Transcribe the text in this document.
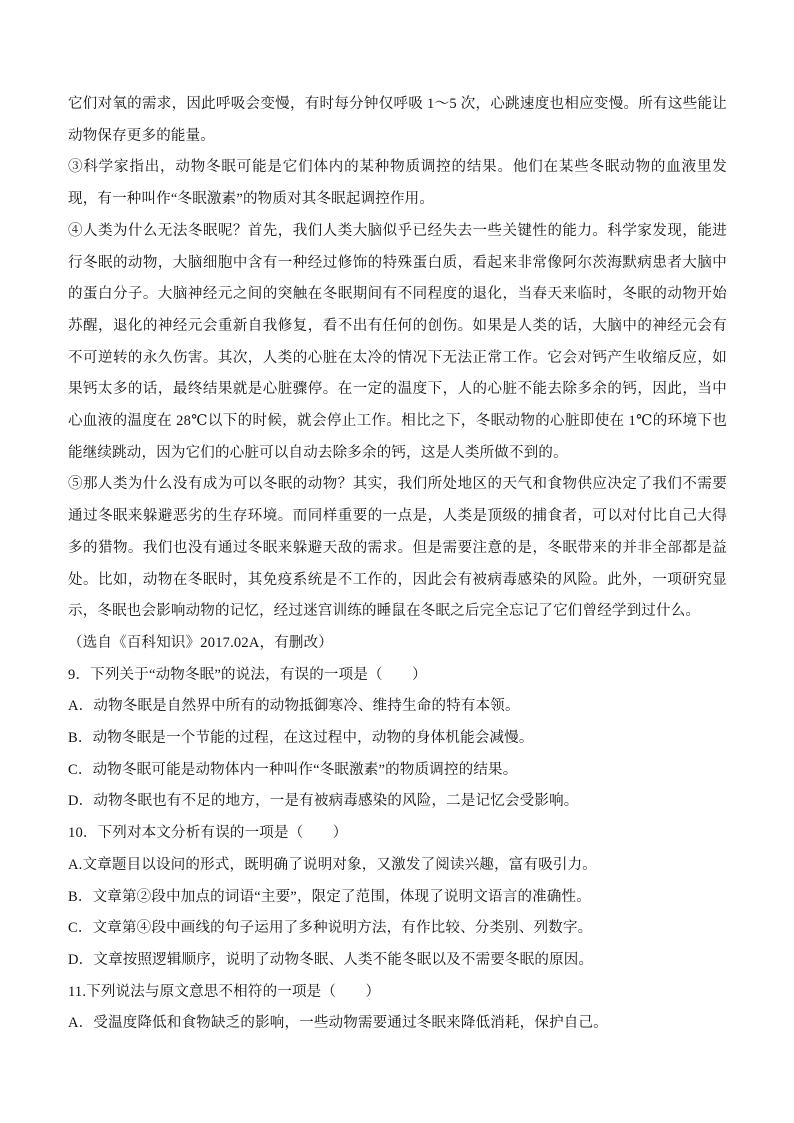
它们对氧的需求，因此呼吸会变慢，有时每分钟仅呼吸 1～5 次，心跳速度也相应变慢。所有这些能让动物保存更多的能量。

③科学家指出，动物冬眠可能是它们体内的某种物质调控的结果。他们在某些冬眠动物的血液里发现，有一种叫作“冬眠激素”的物质对其冬眠起调控作用。

④人类为什么无法冬眠呢？首先，我们人类大脑似乎已经失去一些关键性的能力。科学家发现，能进行冬眠的动物，大脑细胞中含有一种经过修饰的特殊蛋白质，看起来非常像阿尔茨海默病患者大脑中的蛋白分子。大脑神经元之间的突触在冬眠期间有不同程度的退化，当春天来临时，冬眠的动物开始苏醒，退化的神经元会重新自我修复，看不出有任何的创伤。如果是人类的话，大脑中的神经元会有不可逆转的永久伤害。其次，人类的心脏在太冷的情况下无法正常工作。它会对钙产生收缩反应，如果钙太多的话，最终结果就是心脏骤停。在一定的温度下，人的心脏不能去除多余的钙，因此，当中心血液的温度在 28℃以下的时候，就会停止工作。相比之下，冬眠动物的心脏即使在 1℃的环境下也能继续跳动，因为它们的心脏可以自动去除多余的钙，这是人类所做不到的。

⑤那人类为什么没有成为可以冬眠的动物？其实，我们所处地区的天气和食物供应决定了我们不需要通过冬眠来躲避恶劣的生存环境。而同样重要的一点是，人类是顶级的捕食者，可以对付比自己大得多的猎物。我们也没有通过冬眠来躲避天敌的需求。但是需要注意的是，冬眠带来的并非全部都是益处。比如，动物在冬眠时，其免疫系统是不工作的，因此会有被病毒感染的风险。此外，一项研究显示，冬眠也会影响动物的记忆，经过迷宫训练的睡鼠在冬眠之后完全忘记了它们曾经学到过什么。

（选自《百科知识》2017.02A，有删改）

9．下列关于“动物冬眠”的说法，有误的一项是（　　）

A．动物冬眠是自然界中所有的动物抵御寒冷、维持生命的特有本领。

B．动物冬眠是一个节能的过程，在这过程中，动物的身体机能会减慢。

C．动物冬眠可能是动物体内一种叫作“冬眠激素”的物质调控的结果。

D．动物冬眠也有不足的地方，一是有被病毒感染的风险，二是记忆会受影响。

10．下列对本文分析有误的一项是（　　）

A.文章题目以设问的形式，既明确了说明对象，又激发了阅读兴趣，富有吸引力。

B．文章第②段中加点的词语“主要”，限定了范围，体现了说明文语言的准确性。

C．文章第④段中画线的句子运用了多种说明方法，有作比较、分类别、列数字。

D．文章按照逻辑顺序，说明了动物冬眠、人类不能冬眠以及不需要冬眠的原因。

11.下列说法与原文意思不相符的一项是（　　）

A．受温度降低和食物缺乏的影响，一些动物需要通过冬眠来降低消耗，保护自己。
